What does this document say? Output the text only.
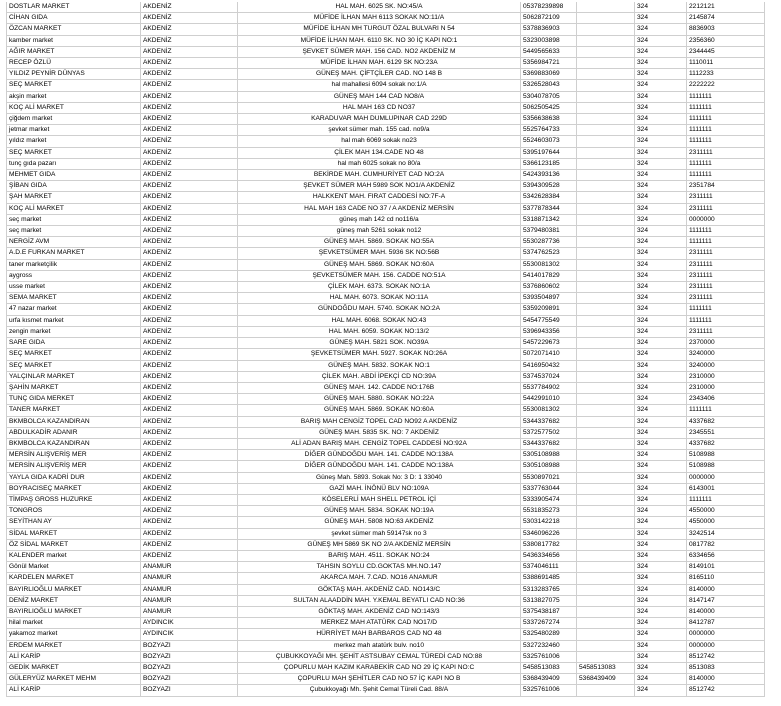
DOSTLAR MARKET	AKDENİZ	HAL MAH. 6025 SK. NO:45/A	05378239898		324	2212121
CİHAN GIDA	AKDENİZ	MÜFİDE İLHAN MAH 6113 SOKAK NO:11/A	5062872109		324	2145874
ÖZCAN MARKET	AKDENİZ	MÜFİDE İLHAN MH TURGUT ÖZAL BULVARI N 54	5378836903		324	8836903
kamber market	AKDENİZ	MÜFİDE İLHAN MAH. 6110 SK. NO 30 İÇ KAPI NO:1	5323003898		324	2356360
AĞIR MARKET	AKDENİZ	ŞEVKET SÜMER MAH. 156 CAD. NO2 AKDENİZ M	5449565633		324	2344445
RECEP ÖZLÜ	AKDENİZ	MÜFİDE İLHAN MAH. 6129 SK NO:23A	5356984721		324	1110011
YILDIZ PEYNİR DÜNYAS	AKDENİZ	GÜNEŞ MAH. ÇİFTÇİLER CAD. NO 148 B	5369883069		324	1112233
SEÇ MARKET	AKDENİZ	hal mahallesi 6094 sokak no:1/A	5326528043		324	2222222
akşin market	AKDENİZ	GÜNEŞ MAH 144 CAD NO8/A	5304078705		324	1111111
KOÇ ALİ MARKET	AKDENİZ	HAL MAH 163 CD NO37	5062505425		324	1111111
çiğdem market	AKDENİZ	KARADUVAR MAH DUMLUPINAR CAD 229D	5356638638		324	1111111
jetmar market	AKDENİZ	şevket sümer mah. 155 cad. no9/a	5525764733		324	1111111
yıldız market	AKDENİZ	hal mah 6069 sokak no23	5524603073		324	1111111
SEÇ MARKET	AKDENİZ	ÇİLEK MAH 134.CADE NO 48	5395197644		324	2311111
tunç gıda pazarı	AKDENİZ	hal mah 6025 sokak no 80/a	5366123185		324	1111111
MEHMET GIDA	AKDENİZ	BEKİRDE MAH. CUMHURİYET CAD NO:2A	5424393136		324	1111111
ŞİBAN GIDA	AKDENİZ	ŞEVKET SÜMER MAH 5989 SOK NO1/A AKDENİZ	5394309528		324	2351784
ŞAH MARKET	AKDENİZ	HALKKENT MAH. FIRAT CADDESİ NO:7F-A	5342628384		324	2311111
KOÇ ALİ MARKET	AKDENİZ	HAL MAH 163 CADE NO 37 / A AKDENİZ MERSİN	5377878344		324	2311111
seç market	AKDENİZ	güneş mah 142 cd no116/a	5318871342		324	0000000
seç market	AKDENİZ	güneş mah 5261 sokak no12	5379480381		324	1111111
NERGİZ AVM	AKDENİZ	GÜNEŞ MAH. 5869. SOKAK NO:55A	5530287736		324	1111111
A.D.E FURKAN MARKET	AKDENİZ	ŞEVKETSÜMER MAH. 5936 SK NO:56B	5374762523		324	2311111
taner marketçilik	AKDENİZ	GÜNEŞ MAH. 5869. SOKAK NO:60A	5530081302		324	2311111
aygross	AKDENİZ	ŞEVKETSÜMER MAH. 156. CADDE NO:51A	5414017829		324	2311111
usse market	AKDENİZ	ÇİLEK MAH. 6373. SOKAK NO:1A	5376860602		324	2311111
SEMA MARKET	AKDENİZ	HAL MAH. 6073. SOKAK NO:11A	5393504897		324	2311111
47 nazar market	AKDENİZ	GÜNDOĞDU MAH. 5740. SOKAK NO:2A	5359209891		324	1111111
urfa kısmet market	AKDENİZ	HAL MAH. 6068. SOKAK NO:43	5454775549		324	1111111
zengin market	AKDENİZ	HAL MAH. 6059. SOKAK NO:13/2	5396943356		324	2311111
SARE GIDA	AKDENİZ	GÜNEŞ MAH. 5821 SOK. NO39A	5457229673		324	2370000
SEÇ MARKET	AKDENİZ	ŞEVKETSÜMER MAH. 5927. SOKAK NO:26A	5072071410		324	3240000
SEÇ MARKET	AKDENİZ	GÜNEŞ MAH. 5832. SOKAK NO:1	5416950432		324	3240000
YALÇINLAR MARKET	AKDENİZ	ÇİLEK MAH. ABDİ İPEKÇİ CD NO:39A	5374537024		324	2310000
ŞAHİN MARKET	AKDENİZ	GÜNEŞ MAH. 142. CADDE NO:176B	5537784902		324	2310000
TUNÇ GIDA MERKET	AKDENİZ	GÜNEŞ MAH. 5880. SOKAK NO:22A	5442991010		324	2343406
TANER MARKET	AKDENİZ	GÜNEŞ MAH. 5869. SOKAK NO:60A	5530081302		324	1111111
BKMBOLCA KAZANDIRAN	AKDENİZ	BARIŞ MAH CENGİZ TOPEL CAD NO92 A AKDENİZ	5344337682		324	4337682
ABDULKADİR ADANIR	AKDENİZ	GÜNEŞ MAH. 5835 SK. NO: 7 AKDENİZ	5372577502		324	2345551
BKMBOLCA KAZANDIRAN	AKDENİZ	ALİ ADAN BARIŞ MAH. CENGİZ TOPEL CADDESİ NO:92A	5344337682		324	4337682
MERSİN ALIŞVERİŞ MER	AKDENİZ	DİĞER GÜNDOĞDU MAH. 141. CADDE NO:138A	5305108988		324	5108988
MERSİN ALIŞVERİŞ MER	AKDENİZ	DİĞER GÜNDOĞDU MAH. 141. CADDE NO:138A	5305108988		324	5108988
YAYLA GIDA KADRİ DUR	AKDENİZ	Güneş Mah. 5893. Sokak No: 3 D: 1 33040	5530897021		324	0000000
BOYRACISEÇ MARKET	AKDENİZ	GAZİ MAH. İNÖNÜ BLV NO:109A	5337763044		324	6143001
TİMPAŞ GROSS HUZURKE	AKDENİZ	KÖSELERLİ MAH SHELL PETROL İÇİ	5333905474		324	1111111
TONGROS	AKDENİZ	GÜNEŞ MAH. 5834. SOKAK NO:19A	5531835273		324	4550000
SEYİTHAN AY	AKDENİZ	GÜNEŞ MAH. 5808 NO:63 AKDENİZ	5303142218		324	4550000
SİDAL MARKET	AKDENİZ	şevket sümer mah 59147sk no 3	5346096226		324	3242514
ÖZ SİDAL MARKET	AKDENİZ	GÜNEŞ MH 5869 SK NO 2/A AKDENİZ MERSİN	5380817782		324	0817782
KALENDER market	AKDENİZ	BARIŞ MAH. 4511. SOKAK NO:24	5436334656		324	6334656
Gönül Market	ANAMUR	TAHSIN SOYLU CD.GOKTAS MH.NO.147	5374046111		324	8149101
KARDELEN MARKET	ANAMUR	AKARCA MAH. 7.CAD. NO16 ANAMUR	5388691485		324	8165110
BAYIRLIOĞLU MARKET	ANAMUR	GÖKTAŞ MAH. AKDENİZ CAD. NO143/C	5313283765		324	8140000
DENİZ MARKET	ANAMUR	SULTAN ALAADDİN MAH. Y.KEMAL BEYATLI CAD NO:36	5313827075		324	8147147
BAYIRLIOĞLU MARKET	ANAMUR	GÖKTAŞ MAH. AKDENİZ CAD NO:143/3	5375438187		324	8140000
hilal market	AYDINCIK	MERKEZ MAH ATATÜRK CAD NO17/D	5337267274		324	8412787
yakamoz market	AYDINCIK	HÜRRİYET MAH BARBAROS CAD NO 48	5325480289		324	0000000
ERDEM MARKET	BOZYAZI	merkez mah atatürk bulv. no10	5327232460		324	0000000
ALİ KARİP	BOZYAZI	ÇUBUKKOYAĞI MH. ŞEHİT ASTSUBAY CEMAL TÜREDİ CAD NO:88	5325761006		324	8512742
GEDİK MARKET	BOZYAZI	ÇOPURLU MAH KAZIM KARABEKİR CAD NO 29 İÇ KAPI NO:C	5458513083	5458513083	324	8513083
GÜLERYÜZ MARKET MEHM	BOZYAZI	ÇOPURLU MAH ŞEHİTLER CAD NO 57 İÇ KAPI NO B	5368439409	5368439409	324	8140000
ALİ KARİP	BOZYAZI	Çubukkoyağı Mh. Şehit Cemal Türeli Cad. 88/A	5325761006		324	8512742
